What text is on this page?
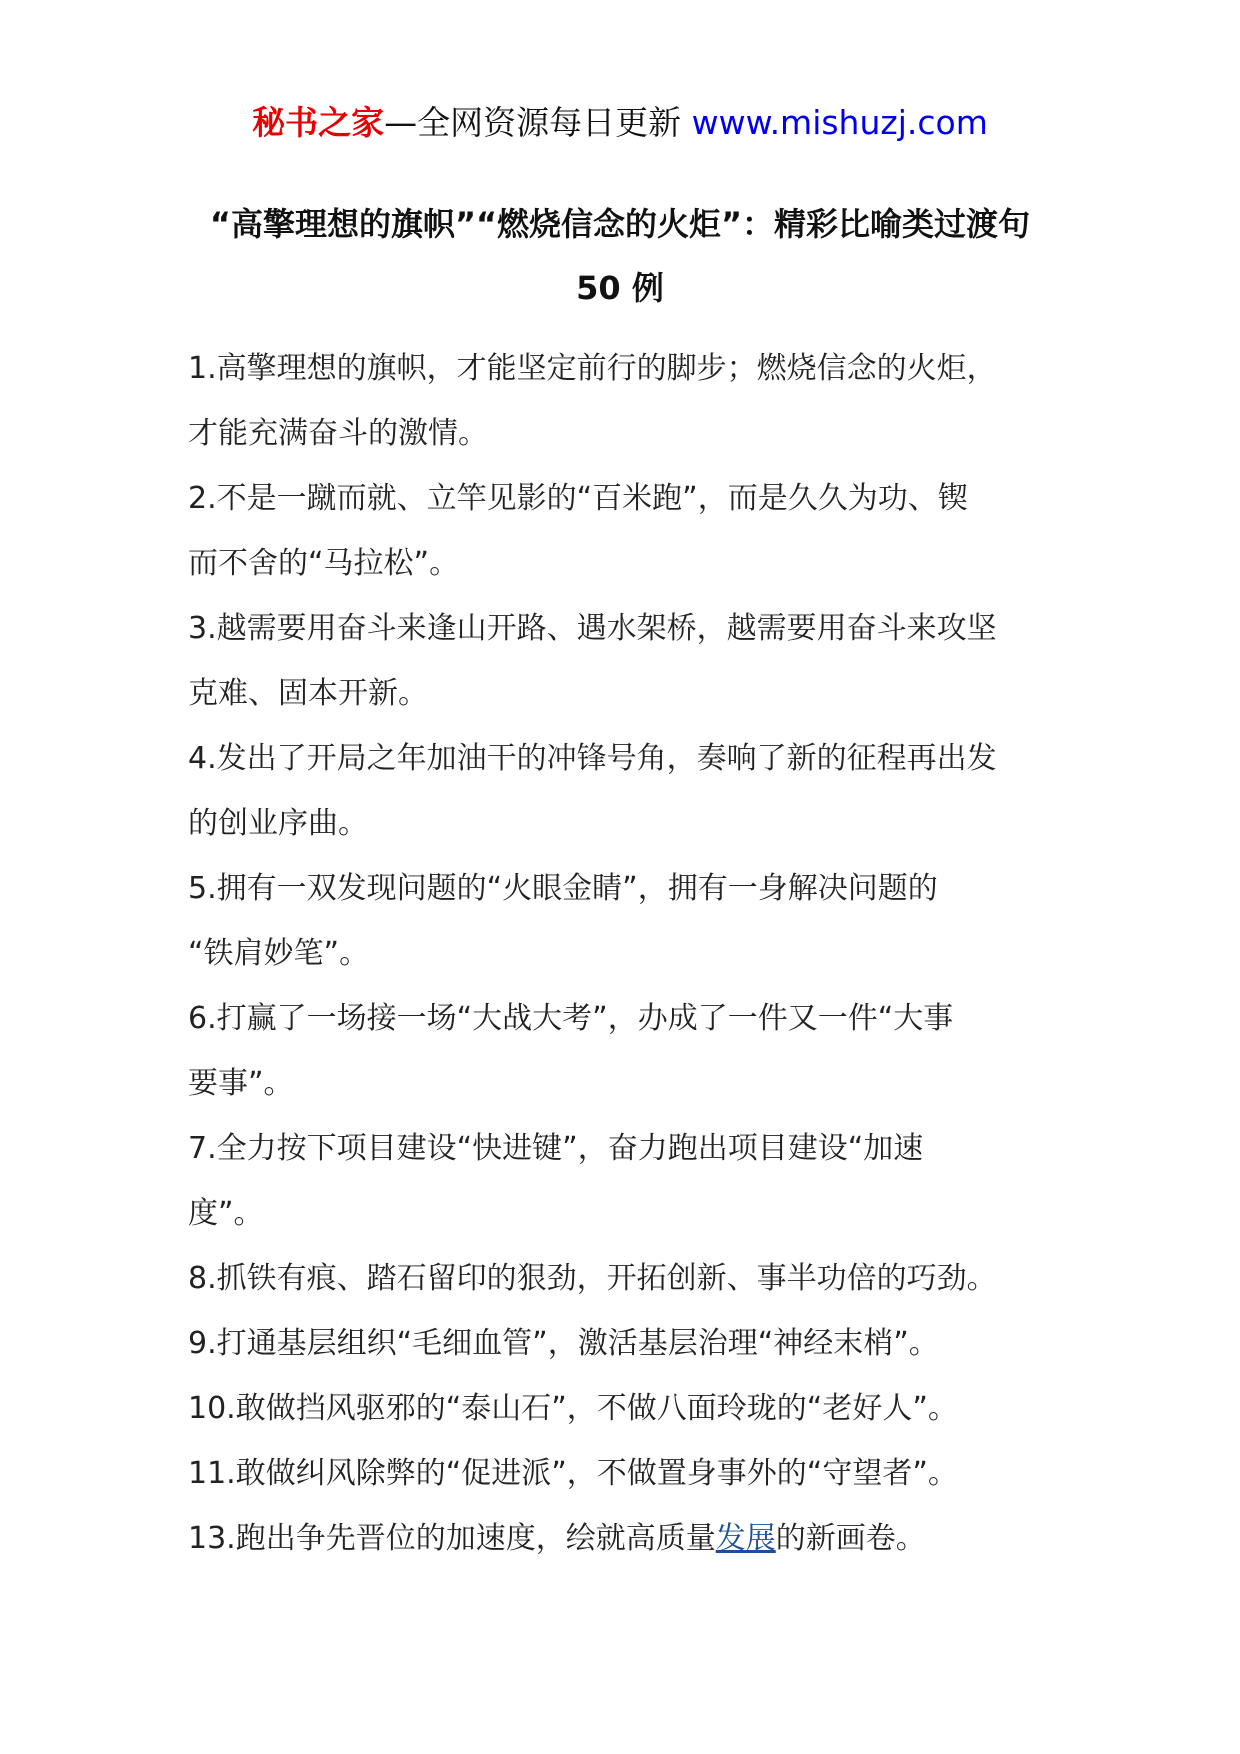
秘书之家—全网资源每日更新 www.mishuzj.com
“高擎理想的旗帜”“燃烧信念的火炬”：精彩比喻类过渡句
50 例

1.高擎理想的旗帜，才能坚定前行的脚步；燃烧信念的火炬，
才能充满奋斗的激情。

2.不是一蹴而就、立竿见影的“百米跑”，而是久久为功、锲
而不舍的“马拉松”。

3.越需要用奋斗来逢山开路、遇水架桥，越需要用奋斗来攻坚
克难、固本开新。

4.发出了开局之年加油干的冲锋号角，奏响了新的征程再出发
的创业序曲。

5.拥有一双发现问题的“火眼金睛”，拥有一身解决问题的
“铁肩妙笔”。

6.打赢了一场接一场“大战大考”，办成了一件又一件“大事
要事”。

7.全力按下项目建设“快进键”，奋力跑出项目建设“加速
度”。

8.抓铁有痕、踏石留印的狠劲，开拓创新、事半功倍的巧劲。

9.打通基层组织“毛细血管”，激活基层治理“神经末梢”。

10.敢做挡风驱邪的“泰山石”，不做八面玲珑的“老好人”。

11.敢做纠风除弊的“促进派”，不做置身事外的“守望者”。

13.跑出争先晋位的加速度，绘就高质量发展的新画卷。
